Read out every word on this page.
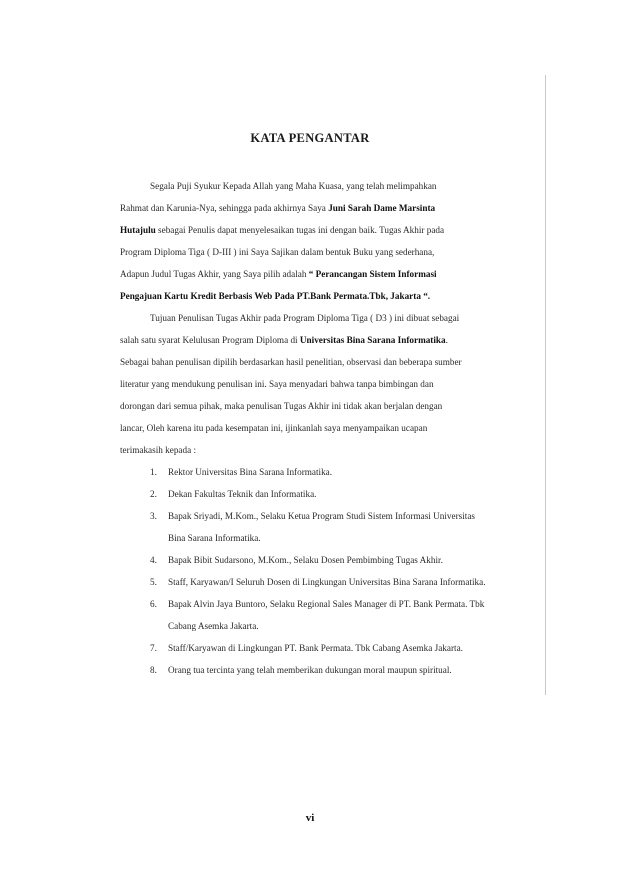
KATA PENGANTAR
Segala Puji Syukur Kepada Allah yang Maha Kuasa, yang telah melimpahkan
Rahmat dan Karunia-Nya, sehingga pada akhirnya Saya Juni Sarah Dame Marsinta
Hutajulu sebagai Penulis dapat menyelesaikan tugas ini dengan baik. Tugas Akhir pada
Program Diploma Tiga ( D-III ) ini Saya Sajikan dalam bentuk Buku yang sederhana,
Adapun Judul Tugas Akhir, yang Saya pilih adalah “ Perancangan Sistem Informasi
Pengajuan Kartu Kredit Berbasis Web Pada PT.Bank Permata.Tbk, Jakarta “.
Tujuan Penulisan Tugas Akhir pada Program Diploma Tiga ( D3 ) ini dibuat sebagai
salah satu syarat Kelulusan Program Diploma di Universitas Bina Sarana Informatika.
Sebagai bahan penulisan dipilih berdasarkan hasil penelitian, observasi dan beberapa sumber
literatur yang mendukung penulisan ini. Saya menyadari bahwa tanpa bimbingan dan
dorongan dari semua pihak, maka penulisan Tugas Akhir ini tidak akan berjalan dengan
lancar, Oleh karena itu pada kesempatan ini, ijinkanlah saya menyampaikan ucapan
terimakasih kepada :
1. Rektor Universitas Bina Sarana Informatika.
2. Dekan Fakultas Teknik dan Informatika.
3. Bapak Sriyadi, M.Kom., Selaku Ketua Program Studi Sistem Informasi Universitas
Bina Sarana Informatika.
4. Bapak Bibit Sudarsono, M.Kom., Selaku Dosen Pembimbing Tugas Akhir.
5. Staff, Karyawan/I Seluruh Dosen di Lingkungan Universitas Bina Sarana Informatika.
6. Bapak Alvin Jaya Buntoro, Selaku Regional Sales Manager di PT. Bank Permata. Tbk
Cabang Asemka Jakarta.
7. Staff/Karyawan di Lingkungan PT. Bank Permata. Tbk Cabang Asemka Jakarta.
8. Orang tua tercinta yang telah memberikan dukungan moral maupun spiritual.
vi
